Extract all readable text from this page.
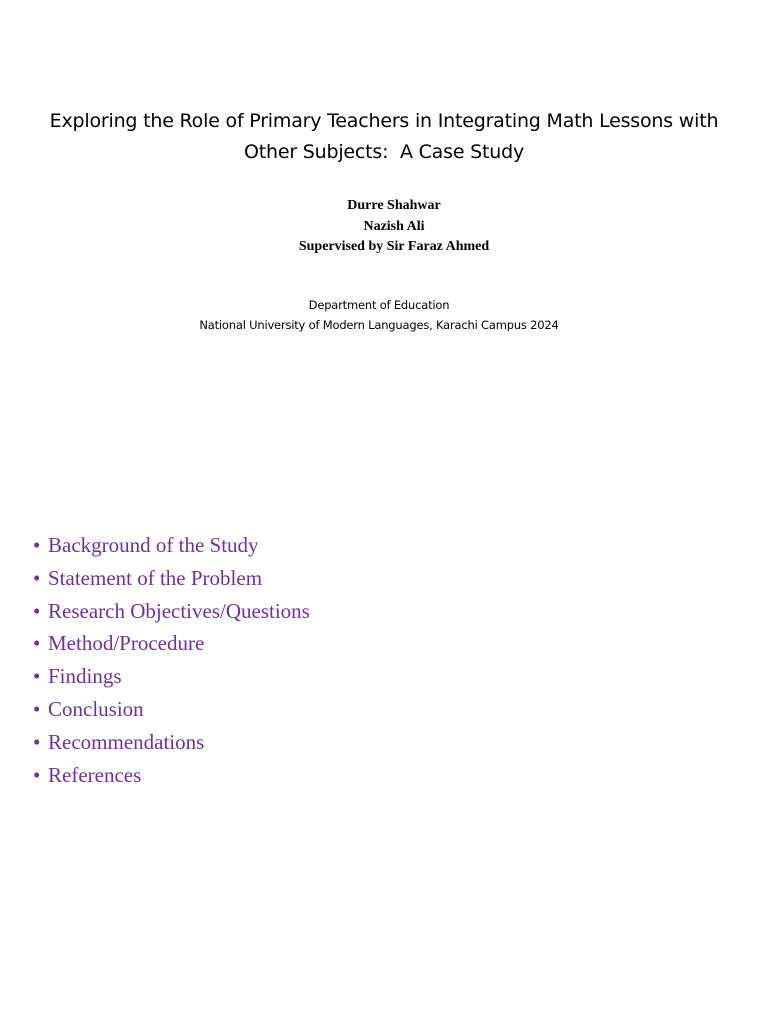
Exploring the Role of Primary Teachers in Integrating Math Lessons with
Other Subjects:  A Case Study
Durre Shahwar
Nazish Ali
Supervised by Sir Faraz Ahmed
Department of Education
National University of Modern Languages, Karachi Campus 2024
• Background of the Study
• Statement of the Problem
• Research Objectives/Questions
• Method/Procedure
• Findings
• Conclusion
• Recommendations
• References
